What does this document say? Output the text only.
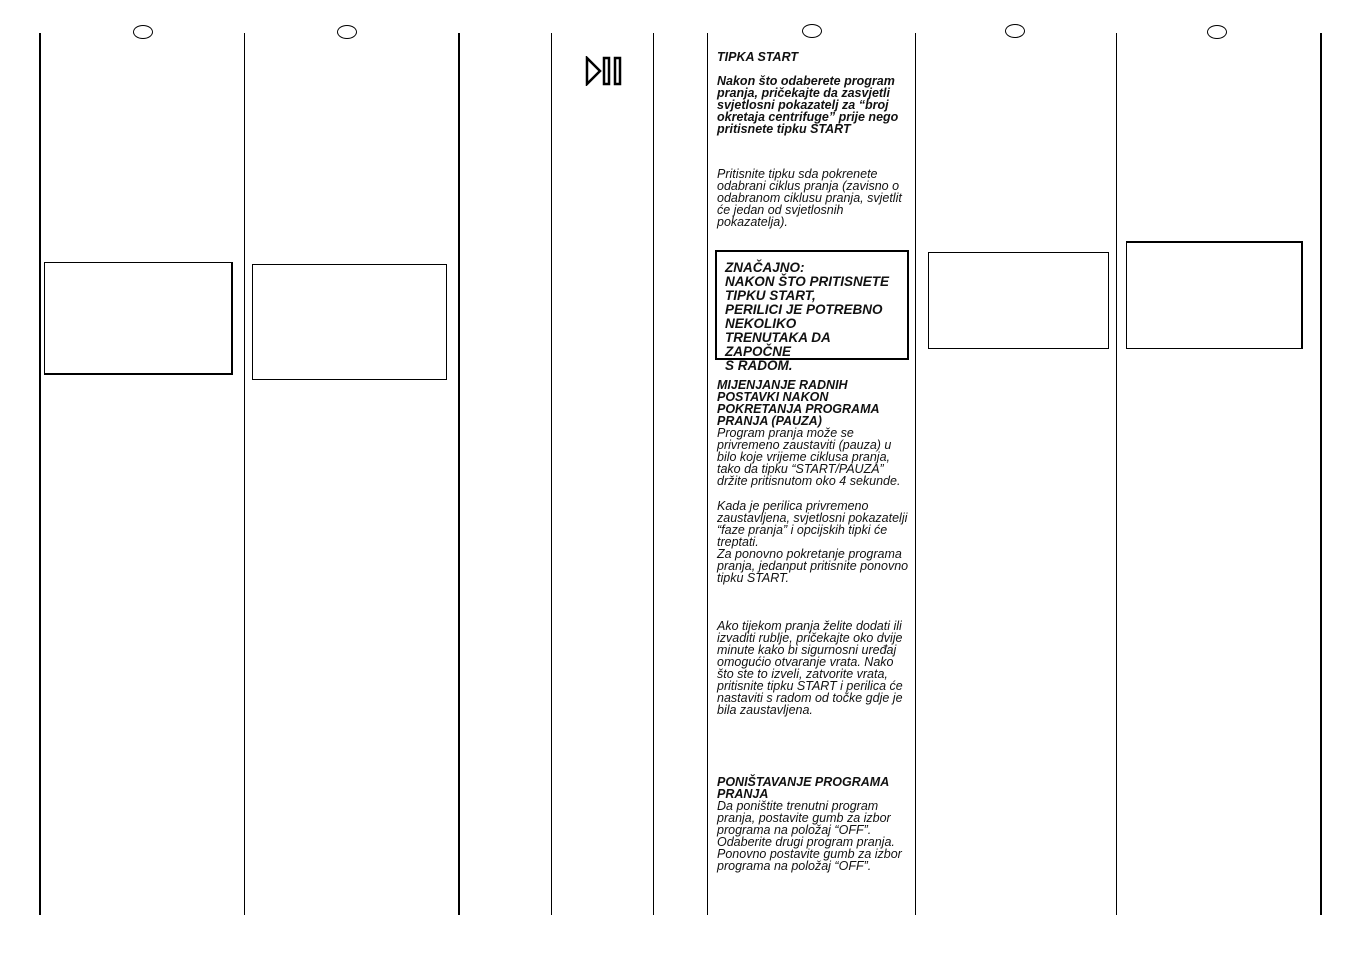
TIPKA START

Nakon što odaberete program pranja, pričekajte da zasvjetli svjetlosni pokazatelj za “broj okretaja centrifuge” prije nego pritisnete tipku START

Pritisnite tipku sda pokrenete odabrani ciklus pranja (zavisno o odabranom ciklusu pranja, svjetlit će jedan od svjetlosnih pokazatelja).

ZNAČAJNO:
NAKON ŠTO PRITISNETE
TIPKU START,
PERILICI JE POTREBNO
NEKOLIKO
TRENUTAKA DA ZAPOČNE
S RADOM.

MIJENJANJE RADNIH POSTAVKI NAKON POKRETANJA PROGRAMA PRANJA (PAUZA)

Program pranja može se privremeno zaustaviti (pauza) u bilo koje vrijeme ciklusa pranja, tako da tipku “START/PAUZA” držite pritisnutom oko 4 sekunde.

Kada je perilica privremeno zaustavljena, svjetlosni pokazatelji “faze pranja” i opcijskih tipki će treptati.

Za ponovno pokretanje programa pranja, jedanput pritisnite ponovno tipku START.

Ako tijekom pranja želite dodati ili izvaditi rublje, pričekajte oko dvije minute kako bi sigurnosni uređaj omogućio otvaranje vrata. Nako što ste to izveli, zatvorite vrata, pritisnite tipku START i perilica će nastaviti s radom od točke gdje je bila zaustavljena.

PONIŠTAVANJE PROGRAMA PRANJA

Da poništite trenutni program pranja, postavite gumb za izbor programa na položaj “OFF”.

Odaberite drugi program pranja.

Ponovno postavite gumb za izbor programa na položaj “OFF”.
